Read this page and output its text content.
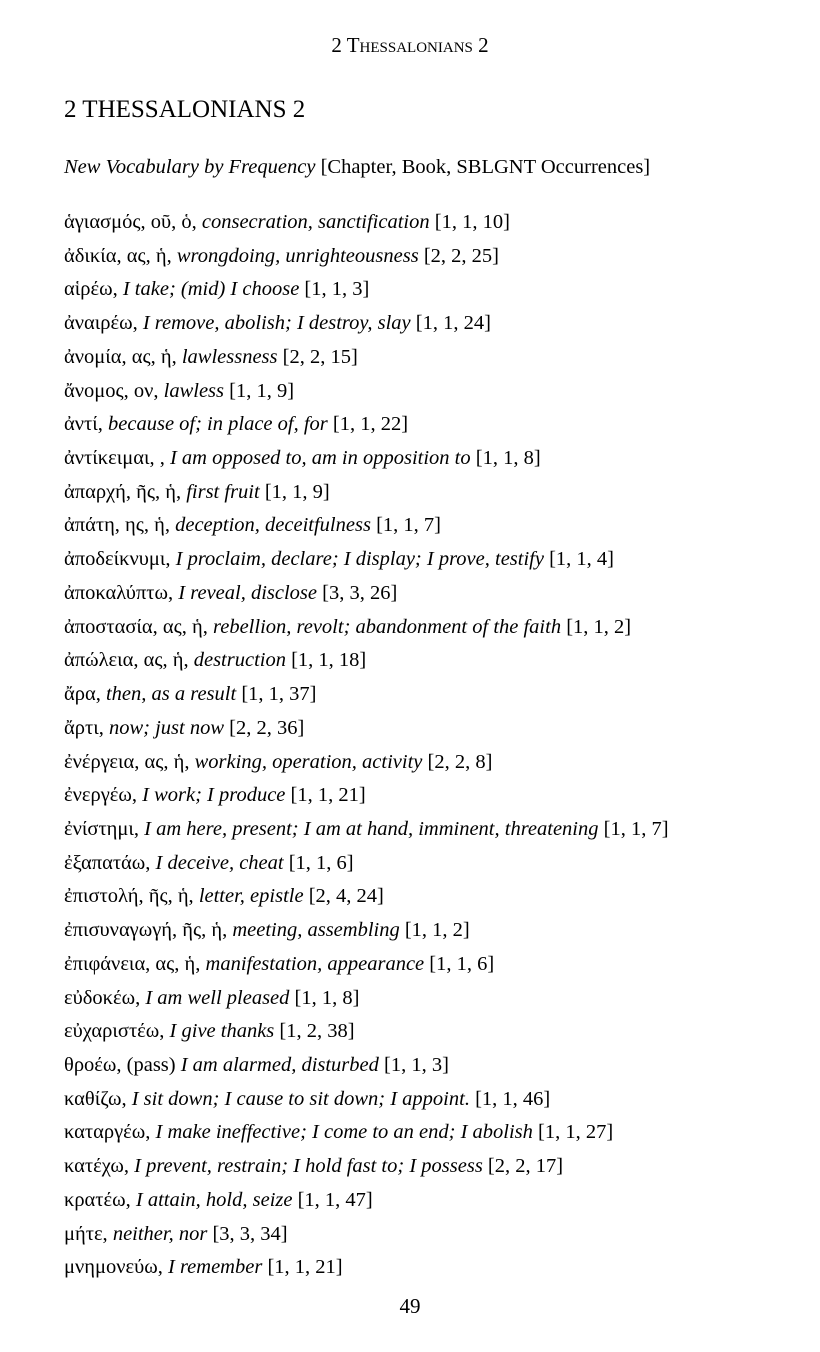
2 Thessalonians 2
2 THESSALONIANS 2
New Vocabulary by Frequency [Chapter, Book, SBLGNT Occurrences]
ἁγιασμός, οῦ, ὁ, consecration, sanctification [1, 1, 10]
ἀδικία, ας, ἡ, wrongdoing, unrighteousness [2, 2, 25]
αἱρέω, I take; (mid) I choose [1, 1, 3]
ἀναιρέω, I remove, abolish; I destroy, slay [1, 1, 24]
ἀνομία, ας, ἡ, lawlessness [2, 2, 15]
ἄνομος, ον, lawless [1, 1, 9]
ἀντί, because of; in place of, for [1, 1, 22]
ἀντίκειμαι, , I am opposed to, am in opposition to [1, 1, 8]
ἀπαρχή, ῆς, ἡ, first fruit [1, 1, 9]
ἀπάτη, ης, ἡ, deception, deceitfulness [1, 1, 7]
ἀποδείκνυμι, I proclaim, declare; I display; I prove, testify [1, 1, 4]
ἀποκαλύπτω, I reveal, disclose [3, 3, 26]
ἀποστασία, ας, ἡ, rebellion, revolt; abandonment of the faith [1, 1, 2]
ἀπώλεια, ας, ἡ, destruction [1, 1, 18]
ἄρα, then, as a result [1, 1, 37]
ἄρτι, now; just now [2, 2, 36]
ἐνέργεια, ας, ἡ, working, operation, activity [2, 2, 8]
ἐνεργέω, I work; I produce [1, 1, 21]
ἐνίστημι, I am here, present; I am at hand, imminent, threatening [1, 1, 7]
ἐξαπατάω, I deceive, cheat [1, 1, 6]
ἐπιστολή, ῆς, ἡ, letter, epistle [2, 4, 24]
ἐπισυναγωγή, ῆς, ἡ, meeting, assembling [1, 1, 2]
ἐπιφάνεια, ας, ἡ, manifestation, appearance [1, 1, 6]
εὐδοκέω, I am well pleased [1, 1, 8]
εὐχαριστέω, I give thanks [1, 2, 38]
θροέω, (pass) I am alarmed, disturbed [1, 1, 3]
καθίζω, I sit down; I cause to sit down; I appoint. [1, 1, 46]
καταργέω, I make ineffective; I come to an end; I abolish [1, 1, 27]
κατέχω, I prevent, restrain; I hold fast to; I possess [2, 2, 17]
κρατέω, I attain, hold, seize [1, 1, 47]
μήτε, neither, nor [3, 3, 34]
μνημονεύω, I remember [1, 1, 21]
49
